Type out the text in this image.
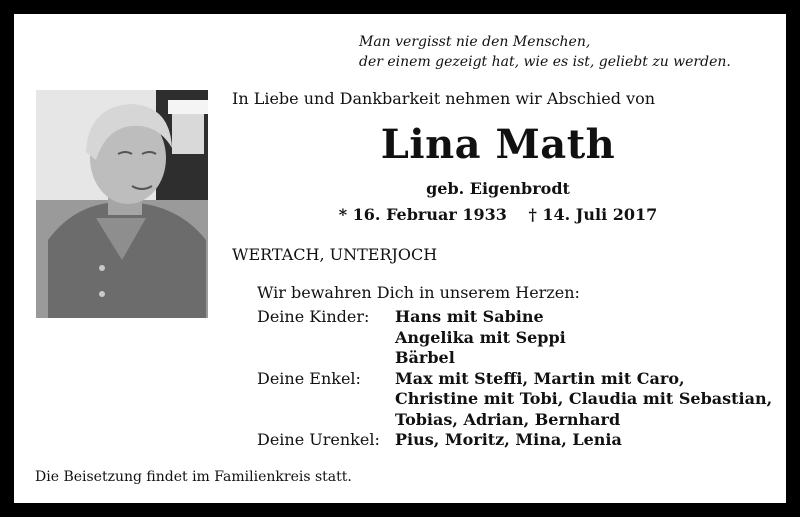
Man vergisst nie den Menschen,
der einem gezeigt hat, wie es ist, geliebt zu werden.
In Liebe und Dankbarkeit nehmen wir Abschied von
Lina Math
geb. Eigenbrodt
* 16. Februar 1933 † 14. Juli 2017
WERTACH, UNTERJOCH
Wir bewahren Dich in unserem Herzen:
Deine Kinder:	Hans mit Sabine
Angelika mit Seppi
Bärbel
Deine Enkel:	Max mit Steffi, Martin mit Caro,
Christine mit Tobi, Claudia mit Sebastian,
Tobias, Adrian, Bernhard
Deine Urenkel: Pius, Moritz, Mina, Lenia
Die Beisetzung findet im Familienkreis statt.
